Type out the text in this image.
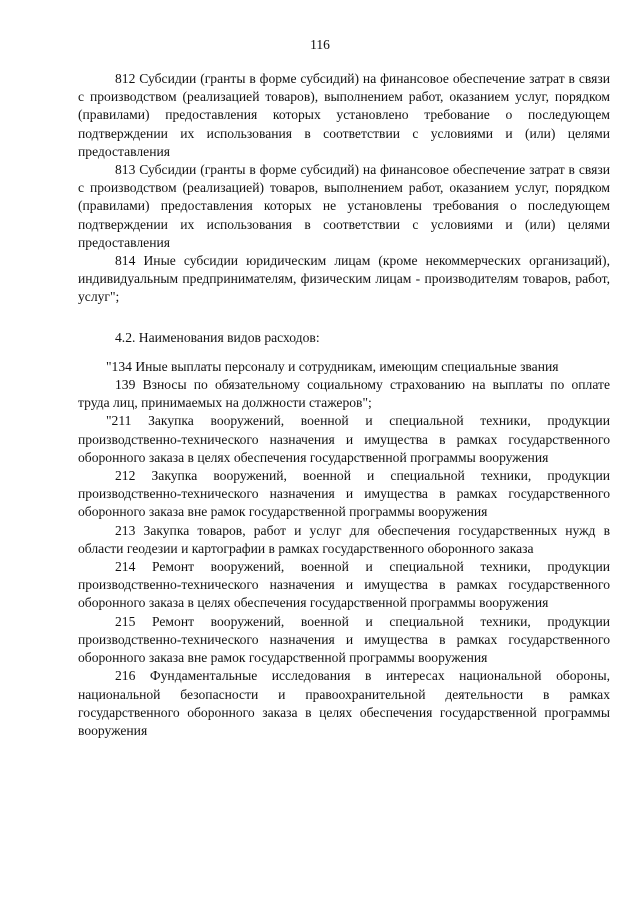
116

812 Субсидии (гранты в форме субсидий) на финансовое обеспечение затрат в связи с производством (реализацией товаров), выполнением работ, оказанием услуг, порядком (правилами) предоставления которых установлено требование о последующем подтверждении их использования в соответствии с условиями и (или) целями предоставления

813 Субсидии (гранты в форме субсидий) на финансовое обеспечение затрат в связи с производством (реализацией) товаров, выполнением работ, оказанием услуг, порядком (правилами) предоставления которых не установлены требования о последующем подтверждении их использования в соответствии с условиями и (или) целями предоставления

814 Иные субсидии юридическим лицам (кроме некоммерческих организаций), индивидуальным предпринимателям, физическим лицам - производителям товаров, работ, услуг";

4.2. Наименования видов расходов:

"134 Иные выплаты персоналу и сотрудникам, имеющим специальные звания

139 Взносы по обязательному социальному страхованию на выплаты по оплате труда лиц, принимаемых на должности стажеров";

"211 Закупка вооружений, военной и специальной техники, продукции производственно-технического назначения и имущества в рамках государственного оборонного заказа в целях обеспечения государственной программы вооружения

212 Закупка вооружений, военной и специальной техники, продукции производственно-технического назначения и имущества в рамках государственного оборонного заказа вне рамок государственной программы вооружения

213 Закупка товаров, работ и услуг для обеспечения государственных нужд в области геодезии и картографии в рамках государственного оборонного заказа

214 Ремонт вооружений, военной и специальной техники, продукции производственно-технического назначения и имущества в рамках государственного оборонного заказа в целях обеспечения государственной программы вооружения

215 Ремонт вооружений, военной и специальной техники, продукции производственно-технического назначения и имущества в рамках государственного оборонного заказа вне рамок государственной программы вооружения

216 Фундаментальные исследования в интересах национальной обороны, национальной безопасности и правоохранительной деятельности в рамках государственного оборонного заказа в целях обеспечения государственной программы вооружения
